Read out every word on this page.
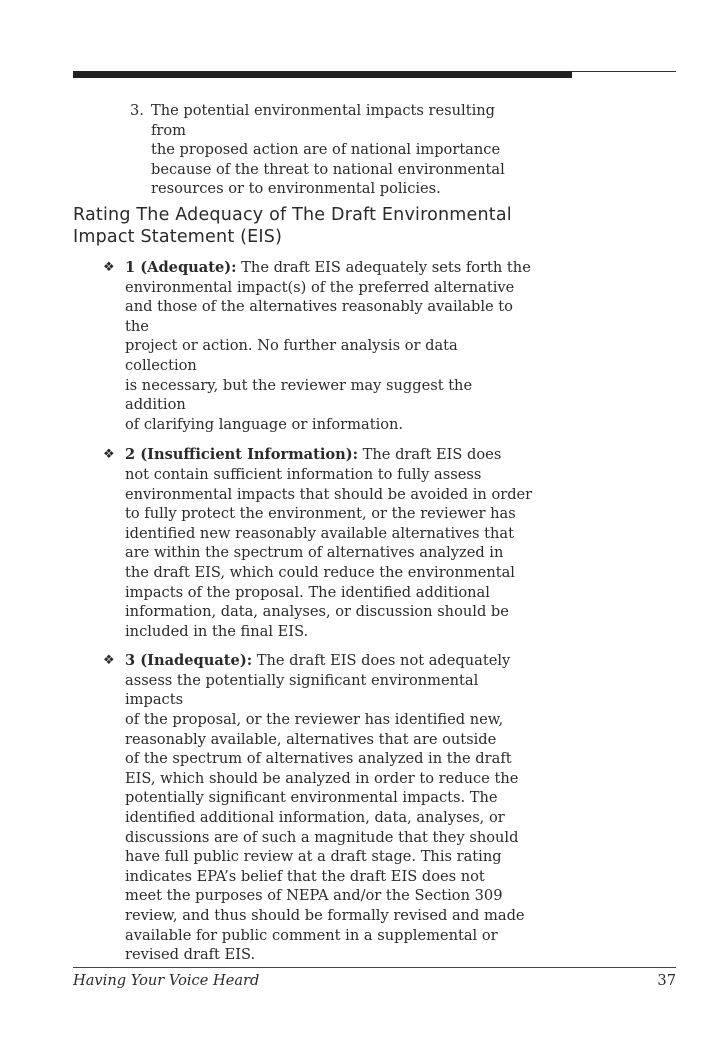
3. The potential environmental impacts resulting from
the proposed action are of national importance
because of the threat to national environmental
resources or to environmental policies.
Rating The Adequacy of The Draft Environmental
Impact Statement (EIS)
❖ 1 (Adequate): The draft EIS adequately sets forth the
environmental impact(s) of the preferred alternative
and those of the alternatives reasonably available to the
project or action. No further analysis or data collection
is necessary, but the reviewer may suggest the addition
of clarifying language or information.
❖ 2 (Insufficient Information): The draft EIS does
not contain sufficient information to fully assess
environmental impacts that should be avoided in order
to fully protect the environment, or the reviewer has
identified new reasonably available alternatives that
are within the spectrum of alternatives analyzed in
the draft EIS, which could reduce the environmental
impacts of the proposal. The identified additional
information, data, analyses, or discussion should be
included in the final EIS.
❖ 3 (Inadequate): The draft EIS does not adequately
assess the potentially significant environmental impacts
of the proposal, or the reviewer has identified new,
reasonably available, alternatives that are outside
of the spectrum of alternatives analyzed in the draft
EIS, which should be analyzed in order to reduce the
potentially significant environmental impacts. The
identified additional information, data, analyses, or
discussions are of such a magnitude that they should
have full public review at a draft stage. This rating
indicates EPA’s belief that the draft EIS does not
meet the purposes of NEPA and/or the Section 309
review, and thus should be formally revised and made
available for public comment in a supplemental or
revised draft EIS.
Having Your Voice Heard	37
